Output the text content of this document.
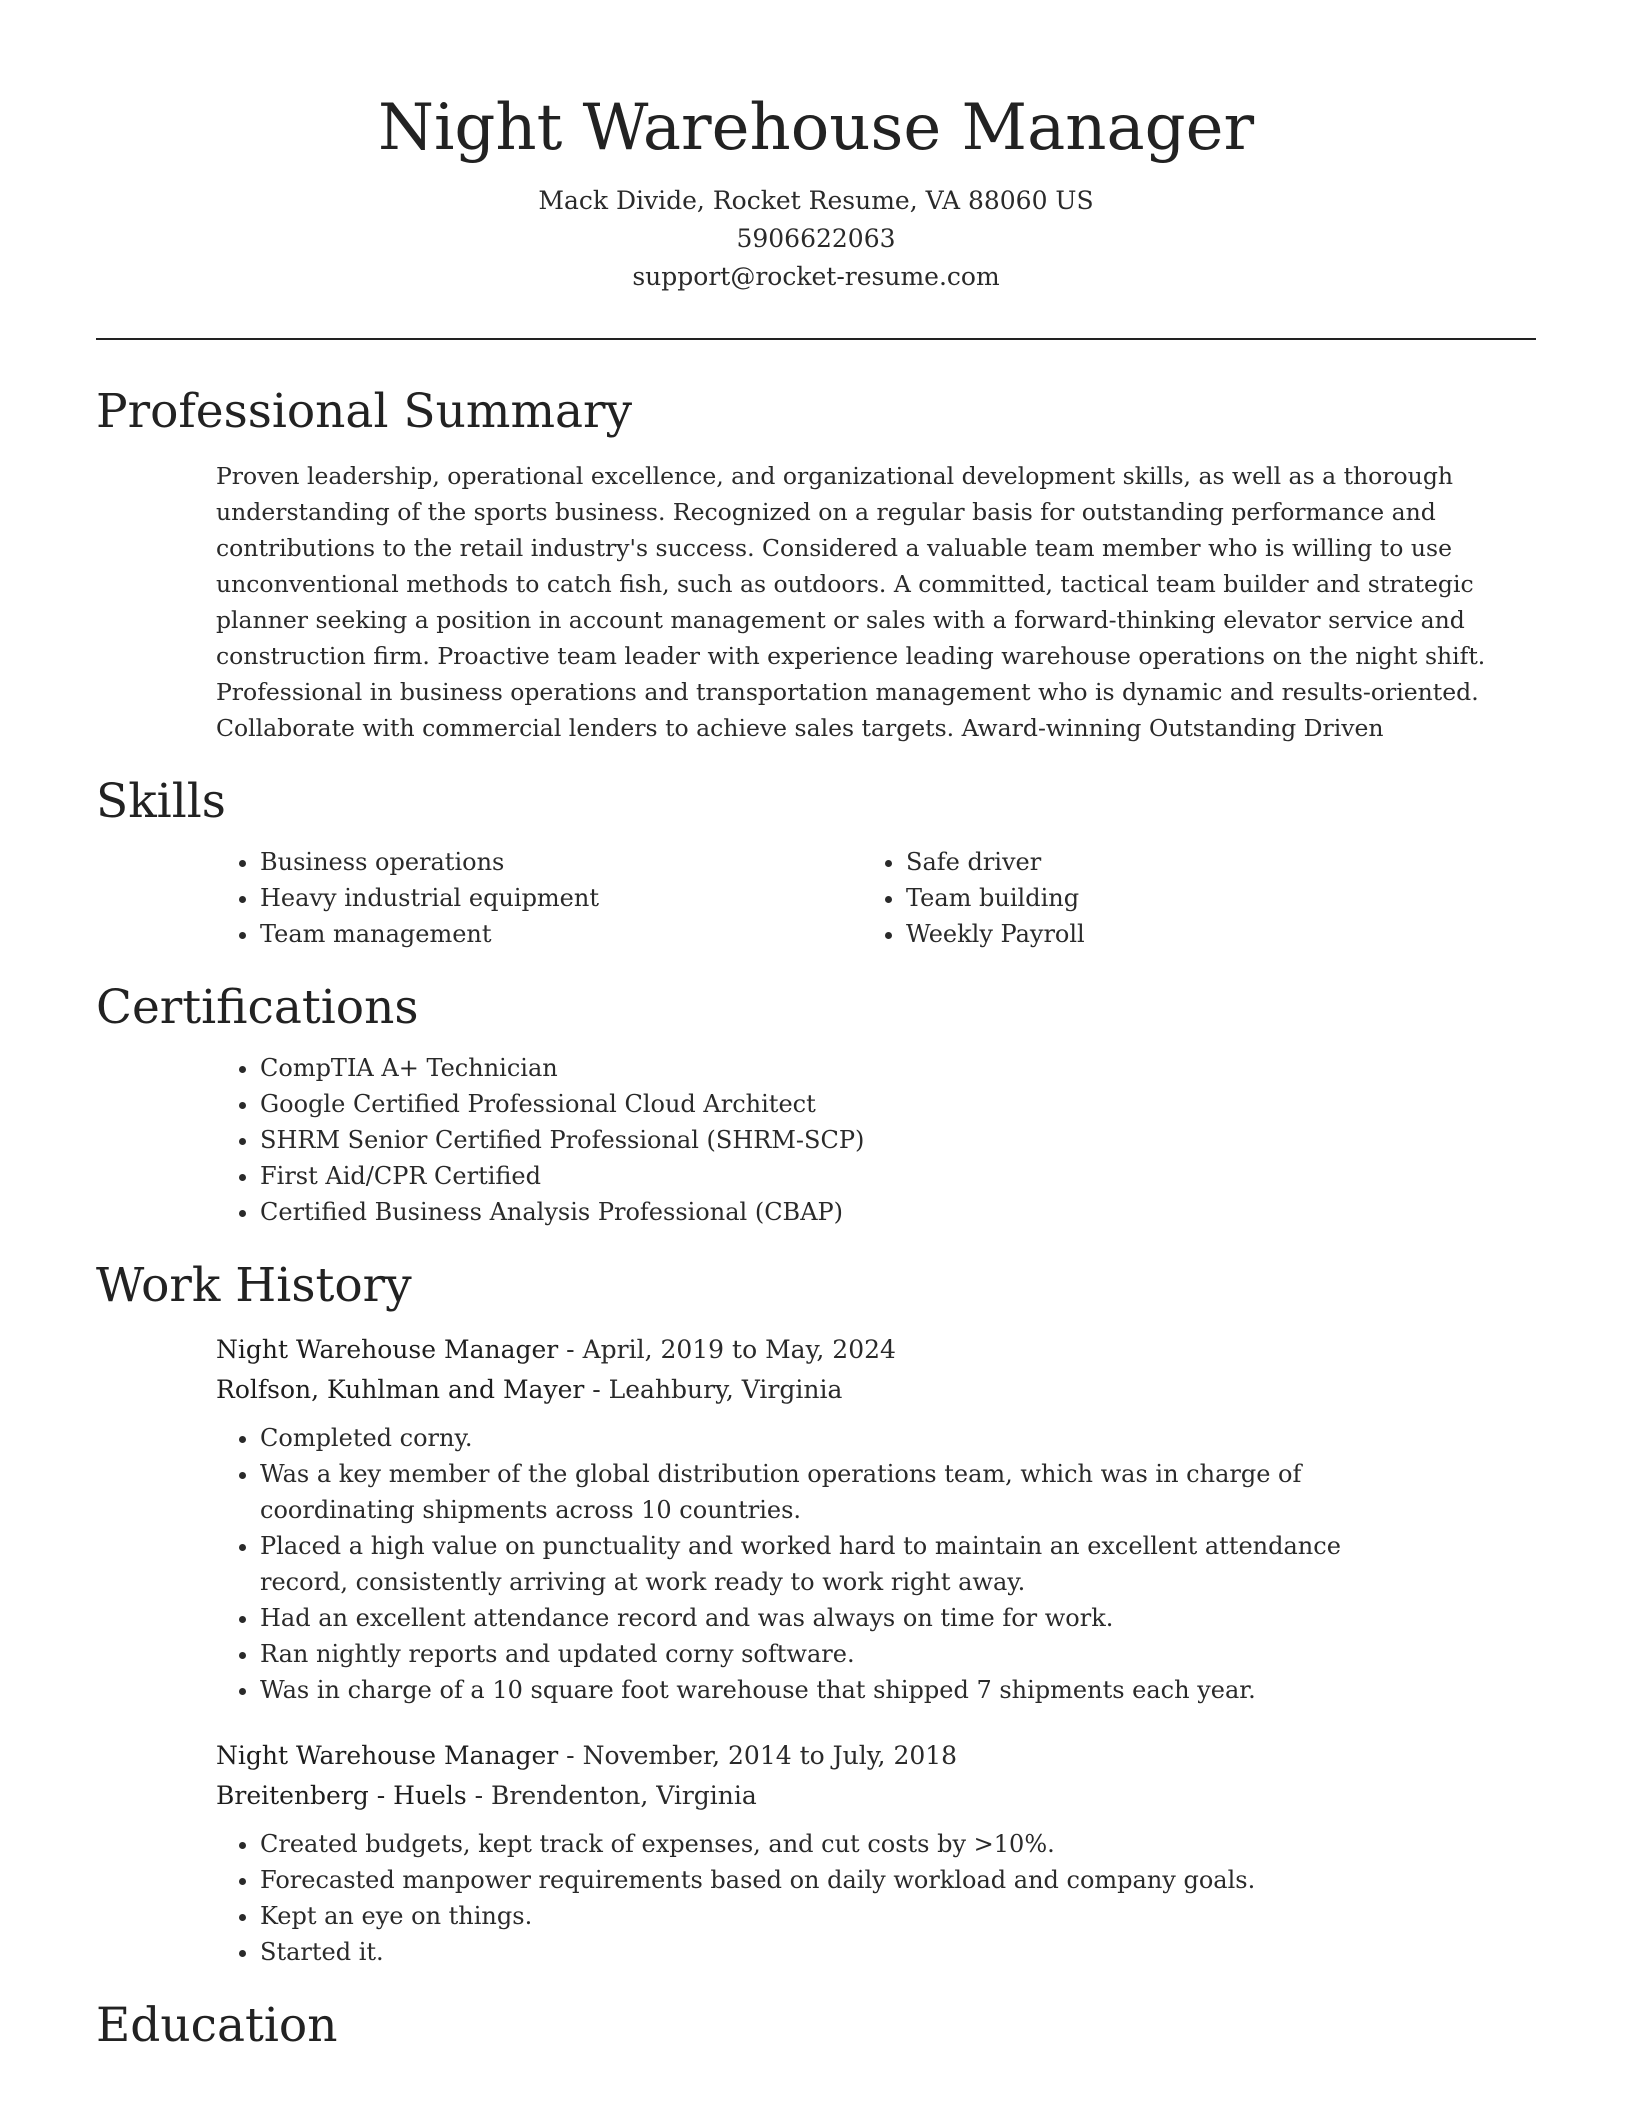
Night Warehouse Manager
Mack Divide, Rocket Resume, VA 88060 US
5906622063
support@rocket-resume.com
Professional Summary

Proven leadership, operational excellence, and organizational development skills, as well as a thorough understanding of the sports business. Recognized on a regular basis for outstanding performance and contributions to the retail industry's success. Considered a valuable team member who is willing to use unconventional methods to catch fish, such as outdoors. A committed, tactical team builder and strategic planner seeking a position in account management or sales with a forward-thinking elevator service and construction firm. Proactive team leader with experience leading warehouse operations on the night shift. Professional in business operations and transportation management who is dynamic and results-oriented. Collaborate with commercial lenders to achieve sales targets. Award-winning Outstanding Driven

Skills
• Business operations
• Heavy industrial equipment
• Team management
• Safe driver
• Team building
• Weekly Payroll
Certifications
• CompTIA A+ Technician
• Google Certified Professional Cloud Architect
• SHRM Senior Certified Professional (SHRM-SCP)
• First Aid/CPR Certified
• Certified Business Analysis Professional (CBAP)
Work History
Night Warehouse Manager - April, 2019 to May, 2024
Rolfson, Kuhlman and Mayer - Leahbury, Virginia
• Completed corny.
• Was a key member of the global distribution operations team, which was in charge of coordinating shipments across 10 countries.
• Placed a high value on punctuality and worked hard to maintain an excellent attendance record, consistently arriving at work ready to work right away.
• Had an excellent attendance record and was always on time for work.
• Ran nightly reports and updated corny software.
• Was in charge of a 10 square foot warehouse that shipped 7 shipments each year.
Night Warehouse Manager - November, 2014 to July, 2018
Breitenberg - Huels - Brendenton, Virginia
• Created budgets, kept track of expenses, and cut costs by >10%.
• Forecasted manpower requirements based on daily workload and company goals.
• Kept an eye on things.
• Started it.
Education
